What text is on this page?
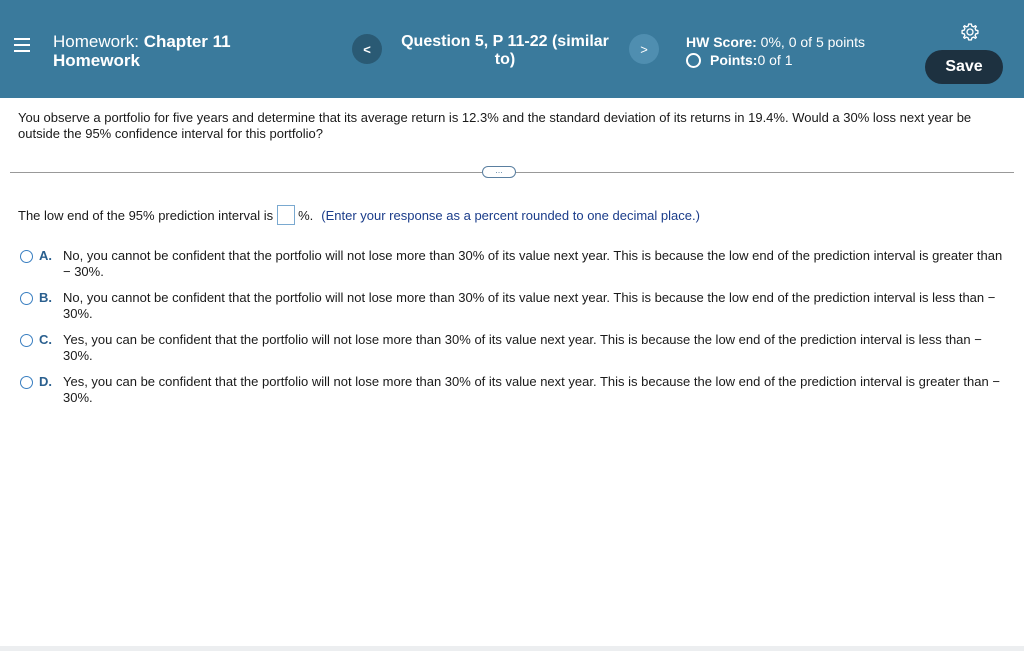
Homework: Chapter 11
Homework
<	Question 5, P 11-22 (similar to)
>	HW Score: 0%, 0 of 5 points
Points: 0 of 1	Save
You observe a portfolio for five years and determine that its average return is 12.3% and the standard deviation of its returns in 19.4%. Would a 30% loss next year be outside the 95% confidence interval for this portfolio?
…
The low end of the 95% prediction interval is %. (Enter your response as a percent rounded to one decimal place.)
A. No, you cannot be confident that the portfolio will not lose more than 30% of its value next year. This is because the low end of the prediction interval is greater than − 30%.
B. No, you cannot be confident that the portfolio will not lose more than 30% of its value next year. This is because the low end of the prediction interval is less than − 30%.
C. Yes, you can be confident that the portfolio will not lose more than 30% of its value next year. This is because the low end of the prediction interval is less than − 30%.
D. Yes, you can be confident that the portfolio will not lose more than 30% of its value next year. This is because the low end of the prediction interval is greater than − 30%.
